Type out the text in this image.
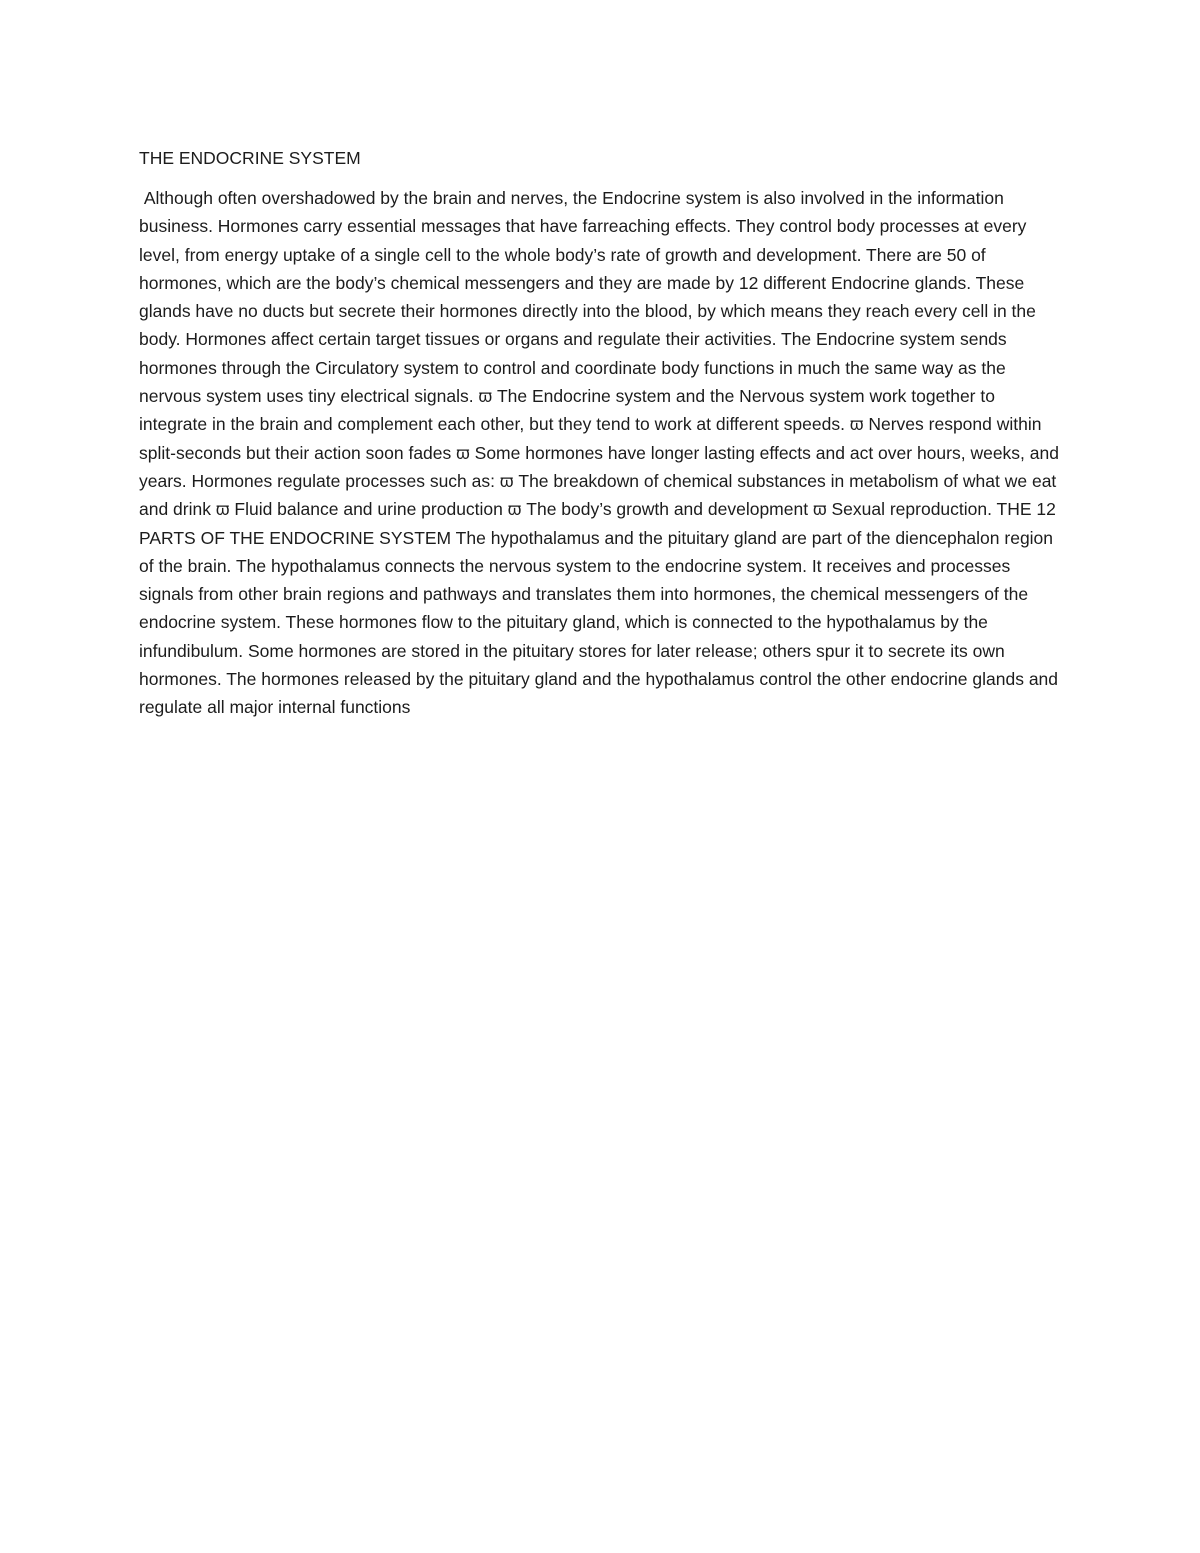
THE ENDOCRINE SYSTEM

Although often overshadowed by the brain and nerves, the Endocrine system is also involved in the information business. Hormones carry essential messages that have farreaching effects. They control body processes at every level, from energy uptake of a single cell to the whole body’s rate of growth and development. There are 50 of hormones, which are the body’s chemical messengers and they are made by 12 different Endocrine glands. These glands have no ducts but secrete their hormones directly into the blood, by which means they reach every cell in the body. Hormones affect certain target tissues or organs and regulate their activities. The Endocrine system sends hormones through the Circulatory system to control and coordinate body functions in much the same way as the nervous system uses tiny electrical signals. ϖ The Endocrine system and the Nervous system work together to integrate in the brain and complement each other, but they tend to work at different speeds. ϖ Nerves respond within split-seconds but their action soon fades ϖ Some hormones have longer lasting effects and act over hours, weeks, and years. Hormones regulate processes such as: ϖ The breakdown of chemical substances in metabolism of what we eat and drink ϖ Fluid balance and urine production ϖ The body’s growth and development ϖ Sexual reproduction. THE 12 PARTS OF THE ENDOCRINE SYSTEM The hypothalamus and the pituitary gland are part of the diencephalon region of the brain. The hypothalamus connects the nervous system to the endocrine system. It receives and processes signals from other brain regions and pathways and translates them into hormones, the chemical messengers of the endocrine system. These hormones flow to the pituitary gland, which is connected to the hypothalamus by the infundibulum. Some hormones are stored in the pituitary stores for later release; others spur it to secrete its own hormones. The hormones released by the pituitary gland and the hypothalamus control the other endocrine glands and regulate all major internal functions
